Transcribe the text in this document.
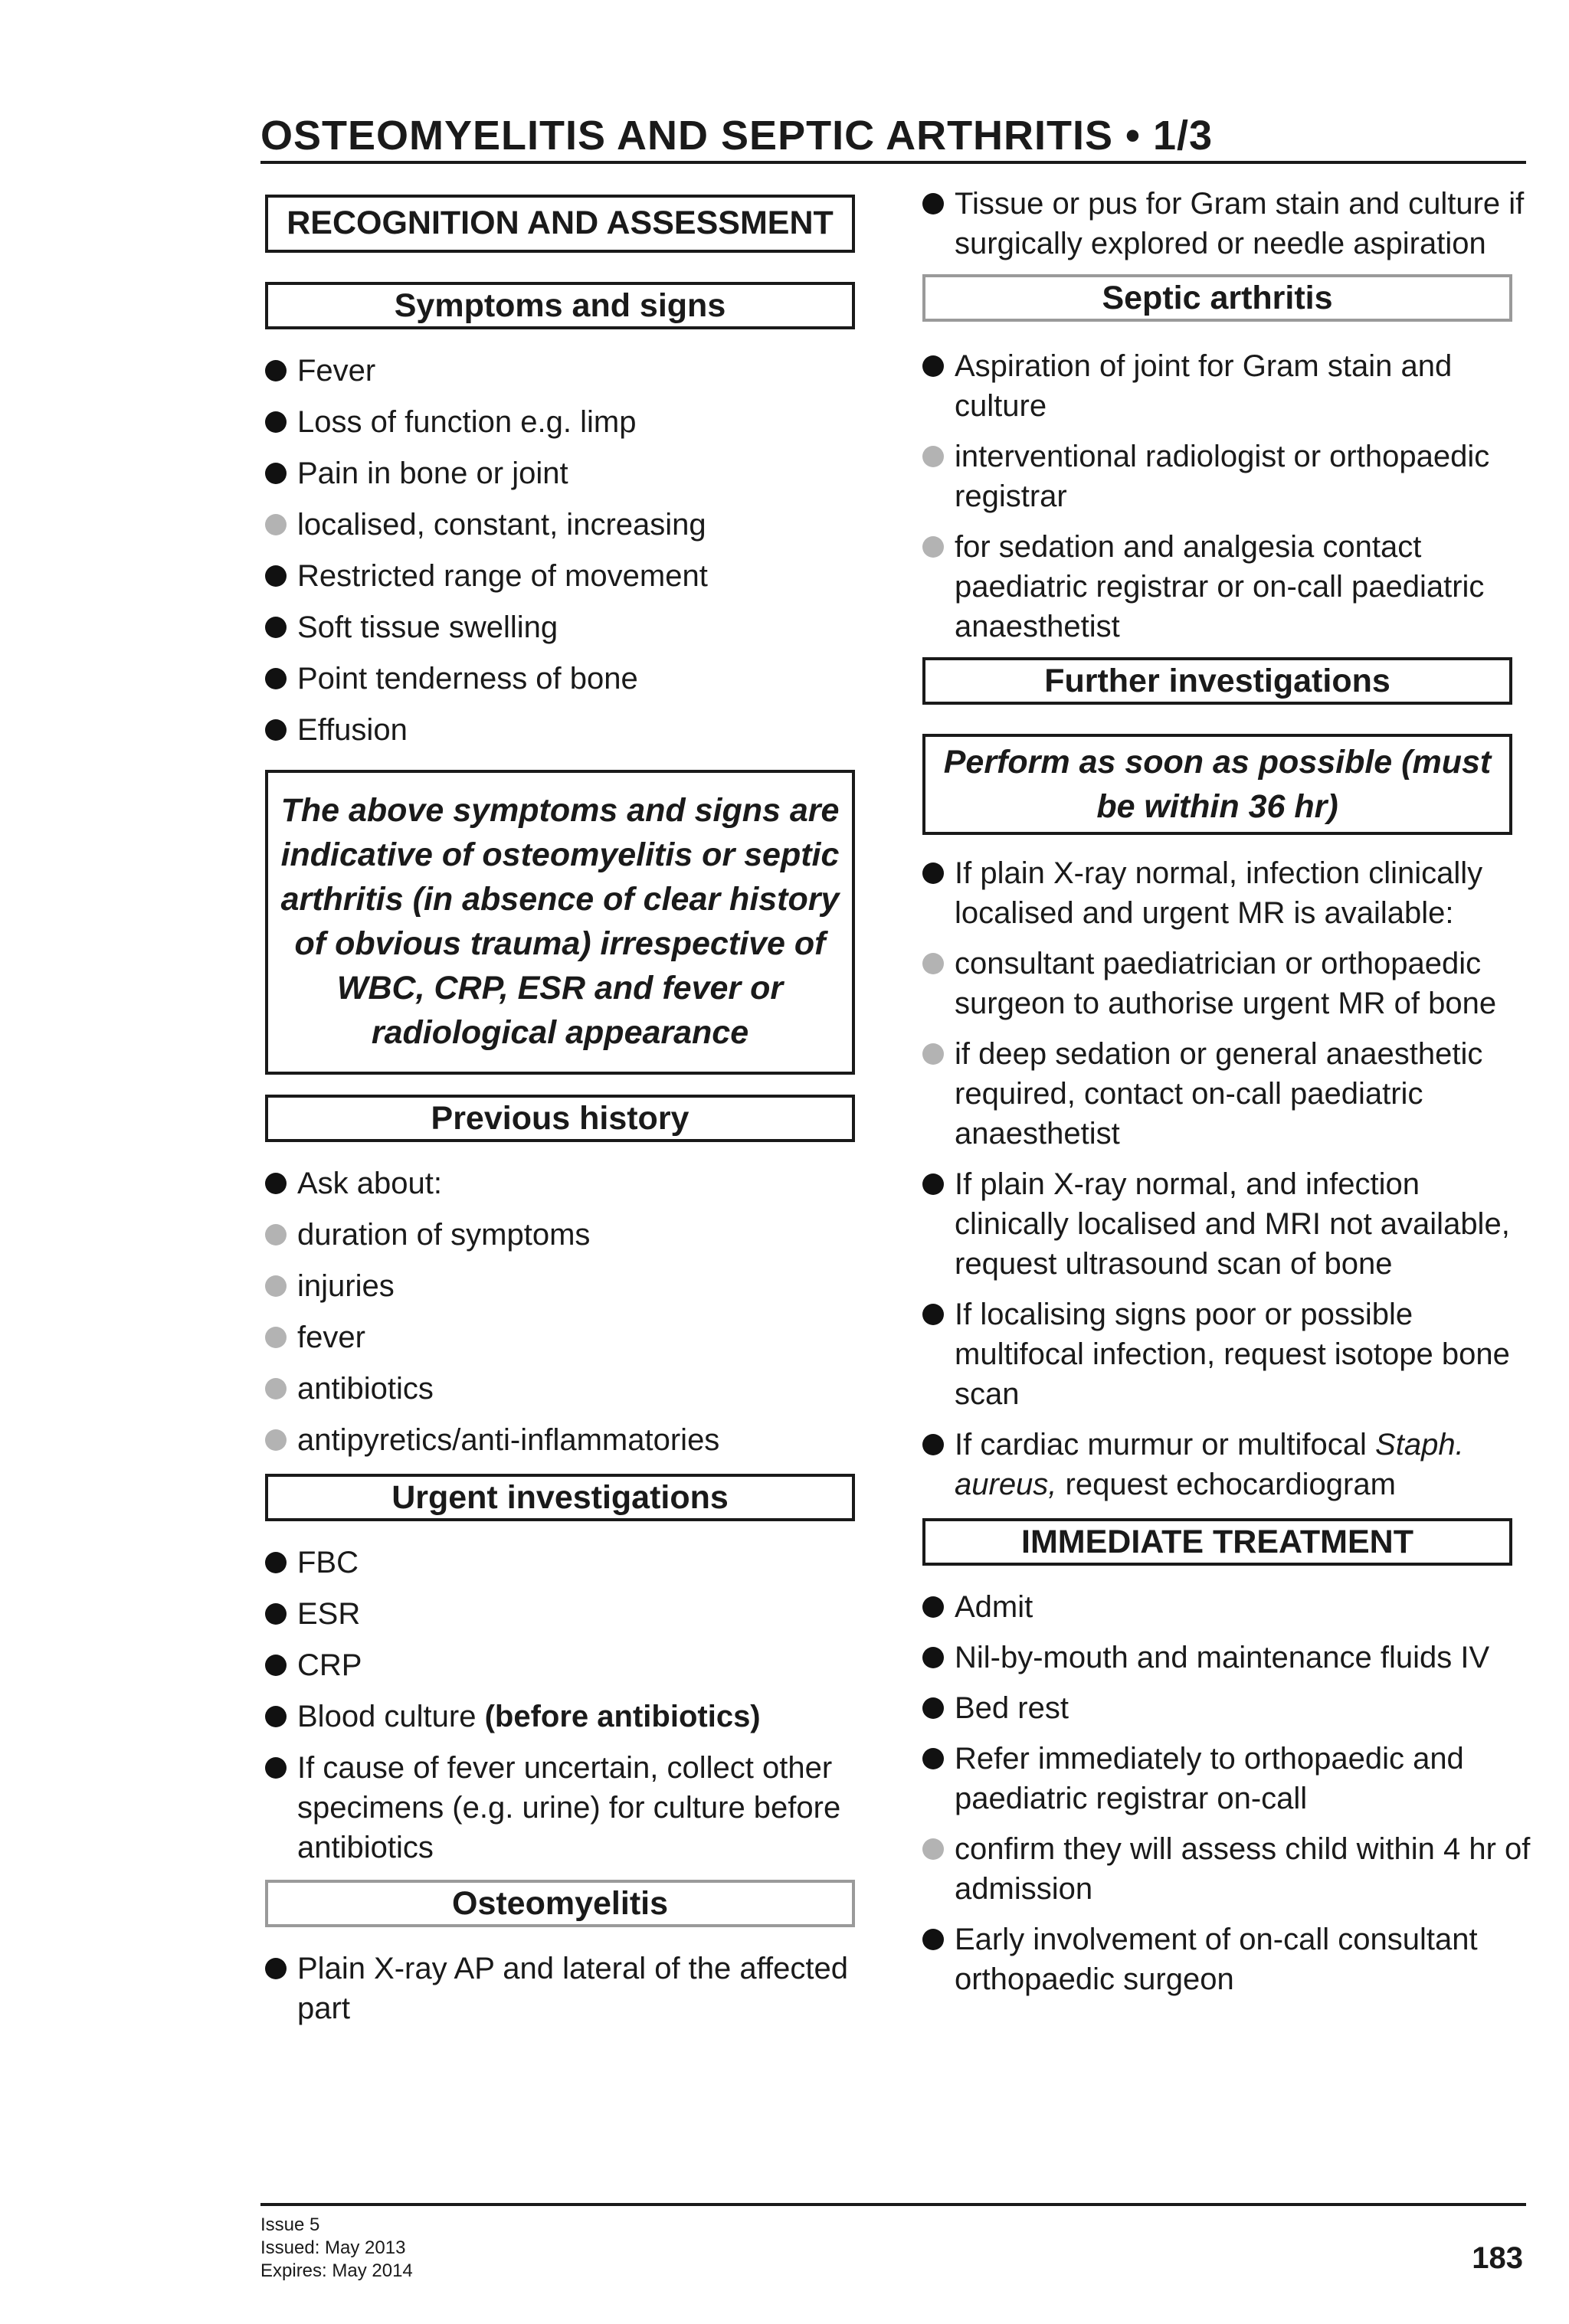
OSTEOMYELITIS AND SEPTIC ARTHRITIS • 1/3
RECOGNITION AND ASSESSMENT
Symptoms and signs
Fever
Loss of function e.g. limp
Pain in bone or joint
localised, constant, increasing
Restricted range of movement
Soft tissue swelling
Point tenderness of bone
Effusion
The above symptoms and signs are indicative of osteomyelitis or septic arthritis (in absence of clear history of obvious trauma) irrespective of WBC, CRP, ESR and fever or radiological appearance
Previous history
Ask about:
duration of symptoms
injuries
fever
antibiotics
antipyretics/anti-inflammatories
Urgent investigations
FBC
ESR
CRP
Blood culture (before antibiotics)
If cause of fever uncertain, collect other specimens (e.g. urine) for culture before antibiotics
Osteomyelitis
Plain X-ray AP and lateral of the affected part
Tissue or pus for Gram stain and culture if surgically explored or needle aspiration
Septic arthritis
Aspiration of joint for Gram stain and culture
interventional radiologist or orthopaedic registrar
for sedation and analgesia contact paediatric registrar or on-call paediatric anaesthetist
Further investigations
Perform as soon as possible (must be within 36 hr)
If plain X-ray normal, infection clinically localised and urgent MR is available:
consultant paediatrician or orthopaedic surgeon to authorise urgent MR of bone
if deep sedation or general anaesthetic required, contact on-call paediatric anaesthetist
If plain X-ray normal, and infection clinically localised and MRI not available, request ultrasound scan of bone
If localising signs poor or possible multifocal infection, request isotope bone scan
If cardiac murmur or multifocal Staph. aureus, request echocardiogram
IMMEDIATE TREATMENT
Admit
Nil-by-mouth and maintenance fluids IV
Bed rest
Refer immediately to orthopaedic and paediatric registrar on-call
confirm they will assess child within 4 hr of admission
Early involvement of on-call consultant orthopaedic surgeon
Issue 5
Issued: May 2013
Expires: May 2014	183
